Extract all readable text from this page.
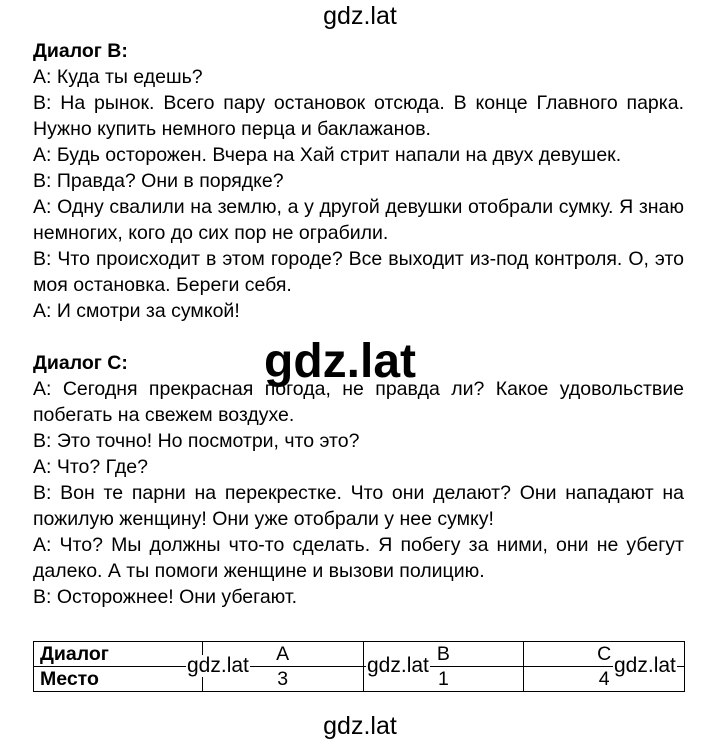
gdz.lat
Диалог B:
A: Куда ты едешь?
B: На рынок. Всего пару остановок отсюда. В конце Главного парка. Нужно купить немного перца и баклажанов.
A: Будь осторожен. Вчера на Хай стрит напали на двух девушек.
B: Правда? Они в порядке?
A: Одну свалили на землю, а у другой девушки отобрали сумку. Я знаю немногих, кого до сих пор не ограбили.
B: Что происходит в этом городе? Все выходит из-под контроля. О, это моя остановка. Береги себя.
A: И смотри за сумкой!
Диалог C:
A: Сегодня прекрасная погода, не правда ли? Какое удовольствие побегать на свежем воздухе.
B: Это точно! Но посмотри, что это?
A: Что? Где?
B: Вон те парни на перекрестке. Что они делают? Они нападают на пожилую женщину! Они уже отобрали у нее сумку!
A: Что? Мы должны что-то сделать. Я побегу за ними, они не убегут далеко. А ты помоги женщине и вызови полицию.
B: Осторожнее! Они убегают.
gdz.lat
Диалог	A	B	C
Место	3	1	4
gdz.lat	gdz.lat	gdz.lat
gdz.lat
